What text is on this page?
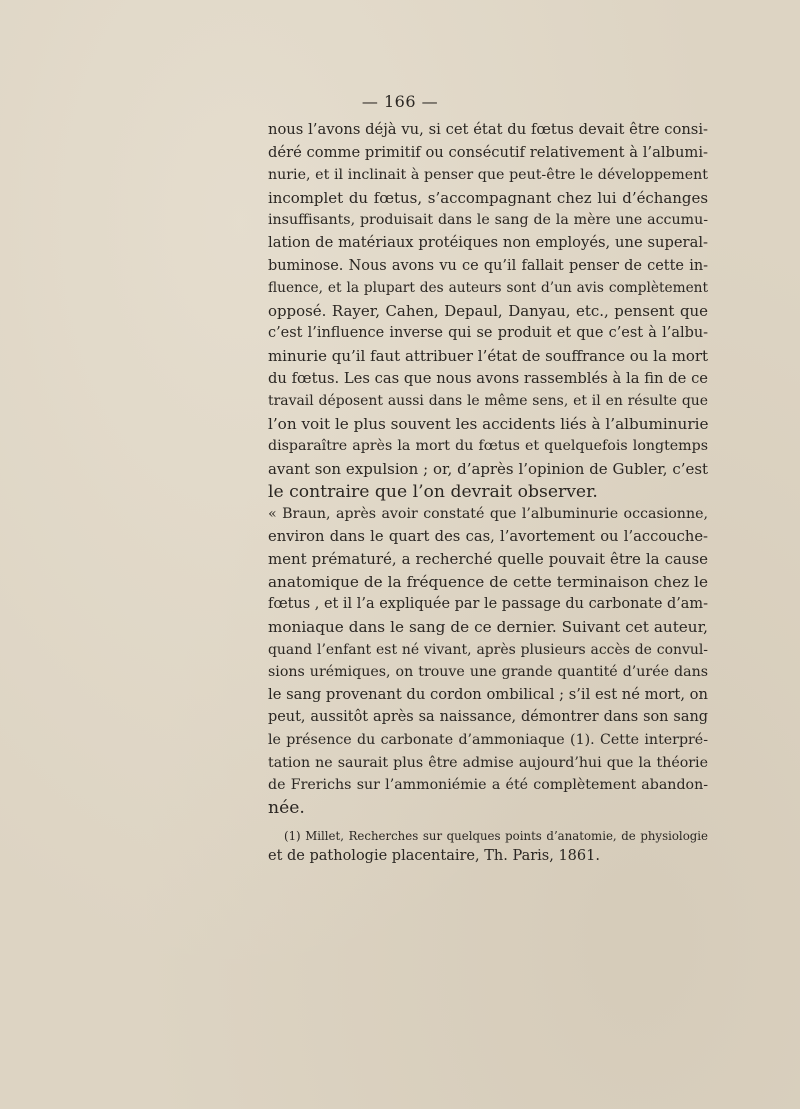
— 166 —
nous l’avons déjà vu, si cet état du fœtus devait être consi-
déré comme primitif ou consécutif relativement à l’albumi-
nurie, et il inclinait à penser que peut-être le développement
incomplet du fœtus, s’accompagnant chez lui d’échanges
insuffisants, produisait dans le sang de la mère une accumu-
lation de matériaux protéiques non employés, une superal-
buminose. Nous avons vu ce qu’il fallait penser de cette in-
fluence, et la plupart des auteurs sont d’un avis complètement
opposé. Rayer, Cahen, Depaul, Danyau, etc., pensent que
c’est l’influence inverse qui se produit et que c’est à l’albu-
minurie qu’il faut attribuer l’état de souffrance ou la mort
du fœtus. Les cas que nous avons rassemblés à la fin de ce
travail déposent aussi dans le même sens, et il en résulte que
l’on voit le plus souvent les accidents liés à l’albuminurie
disparaître après la mort du fœtus et quelquefois longtemps
avant son expulsion ; or, d’après l’opinion de Gubler, c’est
le contraire que l’on devrait observer.
« Braun, après avoir constaté que l’albuminurie occasionne,
environ dans le quart des cas, l’avortement ou l’accouche-
ment prématuré, a recherché quelle pouvait être la cause
anatomique de la fréquence de cette terminaison chez le
fœtus , et il l’a expliquée par le passage du carbonate d’am-
moniaque dans le sang de ce dernier. Suivant cet auteur,
quand l’enfant est né vivant, après plusieurs accès de convul-
sions urémiques, on trouve une grande quantité d’urée dans
le sang provenant du cordon ombilical ; s’il est né mort, on
peut, aussitôt après sa naissance, démontrer dans son sang
le présence du carbonate d’ammoniaque (1). Cette interpré-
tation ne saurait plus être admise aujourd’hui que la théorie
de Frerichs sur l’ammoniémie a été complètement abandon-
née.
(1) Millet, Recherches sur quelques points d’anatomie, de physiologie
et de pathologie placentaire, Th. Paris, 1861.
